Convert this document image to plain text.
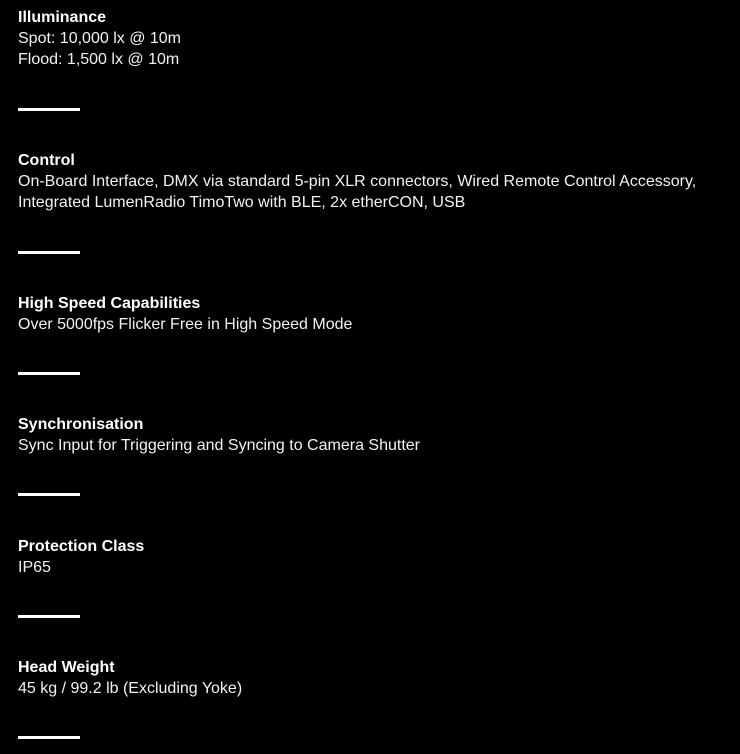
Illuminance

Spot: 10,000 lx @ 10m

Flood: 1,500 lx @ 10m

Control

On-Board Interface, DMX via standard 5-pin XLR connectors, Wired Remote Control Accessory,

Integrated LumenRadio TimoTwo with BLE, 2x etherCON, USB

High Speed Capabilities

Over 5000fps Flicker Free in High Speed Mode

Synchronisation

Sync Input for Triggering and Syncing to Camera Shutter

Protection Class

IP65

Head Weight

45 kg / 99.2 lb (Excluding Yoke)
